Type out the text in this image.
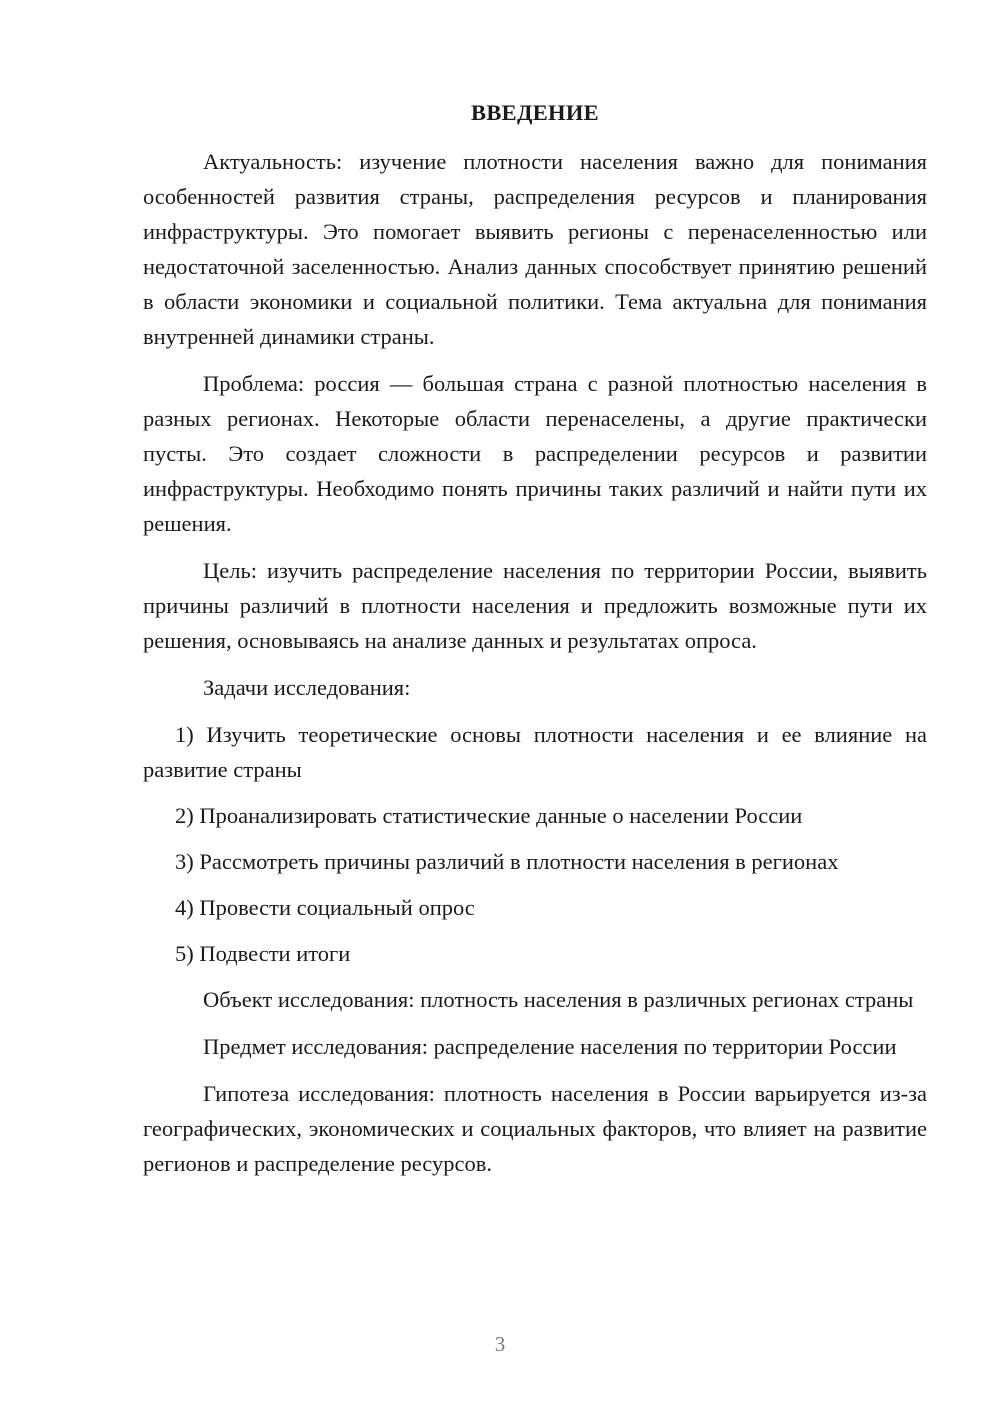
ВВЕДЕНИЕ

Актуальность: изучение плотности населения важно для понимания особенностей развития страны, распределения ресурсов и планирования инфраструктуры. Это помогает выявить регионы с перенаселенностью или недостаточной заселенностью. Анализ данных способствует принятию решений в области экономики и социальной политики. Тема актуальна для понимания внутренней динамики страны.

Проблема: россия — большая страна с разной плотностью населения в разных регионах. Некоторые области перенаселены, а другие практически пусты. Это создает сложности в распределении ресурсов и развитии инфраструктуры. Необходимо понять причины таких различий и найти пути их решения.

Цель: изучить распределение населения по территории России, выявить причины различий в плотности населения и предложить возможные пути их решения, основываясь на анализе данных и результатах опроса.

Задачи исследования:

1) Изучить теоретические основы плотности населения и ее влияние на развитие страны

2) Проанализировать статистические данные о населении России

3) Рассмотреть причины различий в плотности населения в регионах

4) Провести социальный опрос

5) Подвести итоги

Объект исследования: плотность населения в различных регионах страны

Предмет исследования: распределение населения по территории России

Гипотеза исследования: плотность населения в России варьируется из-за географических, экономических и социальных факторов, что влияет на развитие регионов и распределение ресурсов.

3
